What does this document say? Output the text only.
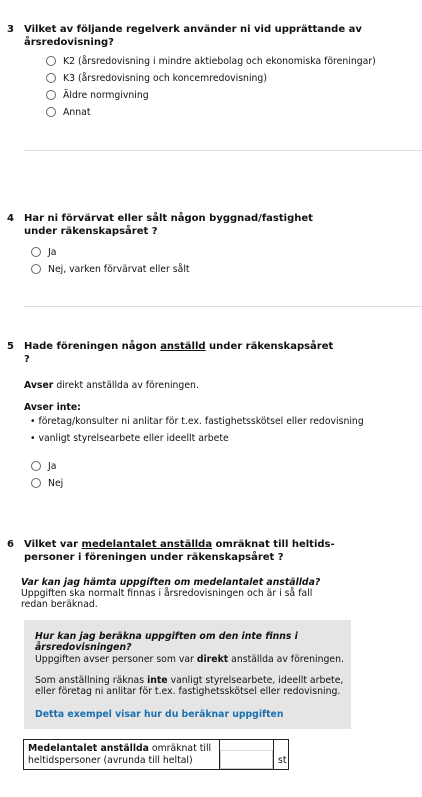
3 Vilket av följande regelverk använder ni vid upprättande av
årsredovisning?
K2 (årsredovisning i mindre aktiebolag och ekonomiska föreningar)
K3 (årsredovisning och koncemredovisning)
Äldre normgivning
Annat
4 Har ni förvärvat eller sålt någon byggnad/fastighet
under räkenskapsåret ?
Ja
Nej, varken förvärvat eller sålt
5 Hade föreningen någon anställd under räkenskapsåret
?
Avser direkt anställda av föreningen.
Avser inte:
• företag/konsulter ni anlitar för t.ex. fastighetsskötsel eller redovisning
• vanligt styrelsearbete eller ideellt arbete
Ja
Nej
6 Vilket var medelantalet anställda omräknat till heltids-
personer i föreningen under räkenskapsåret ?
Var kan jag hämta uppgiften om medelantalet anställda?
Uppgiften ska normalt finnas i årsredovisningen och är i så fall
redan beräknad.
Hur kan jag beräkna uppgiften om den inte finns i
årsredovisningen?
Uppgiften avser personer som var direkt anställda av föreningen.
Som anställning räknas inte vanligt styrelsearbete, ideellt arbete,
eller företag ni anlitar för t.ex. fastighetsskötsel eller redovisning.
Detta exempel visar hur du beräknar uppgiften
Medelantalet anställda omräknat till
heltidspersoner (avrunda till heltal)	st
